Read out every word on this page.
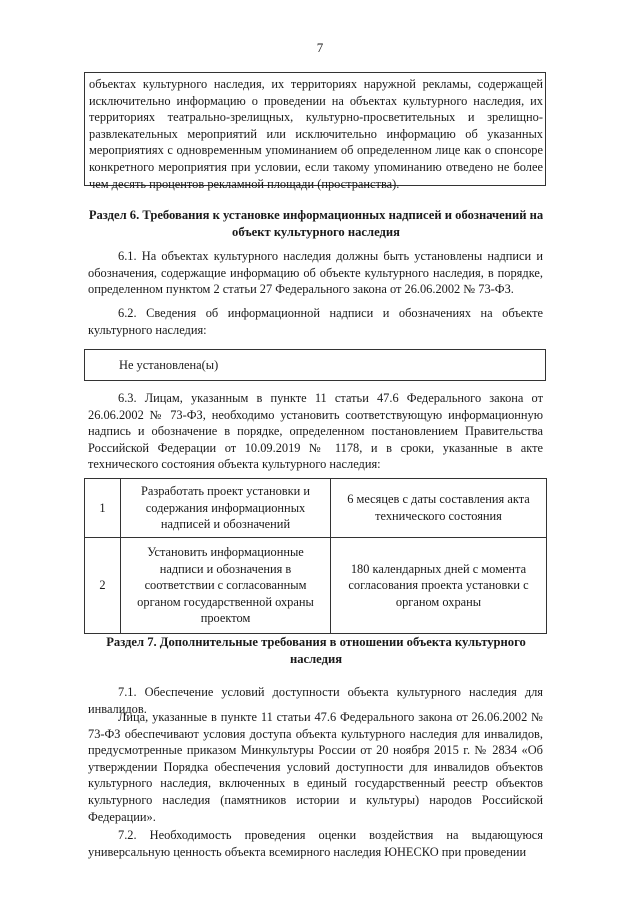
7
объектах культурного наследия, их территориях наружной рекламы, содержащей исключительно информацию о проведении на объектах культурного наследия, их территориях театрально-зрелищных, культурно-просветительных и зрелищно-развлекательных мероприятий или исключительно информацию об указанных мероприятиях с одновременным упоминанием об определенном лице как о спонсоре конкретного мероприятия при условии, если такому упоминанию отведено не более чем десять процентов рекламной площади (пространства).
Раздел 6. Требования к установке информационных надписей и обозначений на объект культурного наследия
6.1. На объектах культурного наследия должны быть установлены надписи и обозначения, содержащие информацию об объекте культурного наследия, в порядке, определенном пунктом 2 статьи 27 Федерального закона от 26.06.2002 № 73-ФЗ.
6.2. Сведения об информационной надписи и обозначениях на объекте культурного наследия:
Не установлена(ы)
6.3. Лицам, указанным в пункте 11 статьи 47.6 Федерального закона от 26.06.2002 № 73-ФЗ, необходимо установить соответствующую информационную надпись и обозначение в порядке, определенном постановлением Правительства Российской Федерации от 10.09.2019 № 1178, и в сроки, указанные в акте технического состояния объекта культурного наследия:
1	Разработать проект установки и содержания информационных надписей и обозначений	6 месяцев с даты составления акта технического состояния
2	Установить информационные надписи и обозначения в соответствии с согласованным органом государственной охраны проектом	180 календарных дней с момента согласования проекта установки с органом охраны
Раздел 7. Дополнительные требования в отношении объекта культурного наследия
7.1. Обеспечение условий доступности объекта культурного наследия для инвалидов.
Лица, указанные в пункте 11 статьи 47.6 Федерального закона от 26.06.2002 № 73-ФЗ обеспечивают условия доступа объекта культурного наследия для инвалидов, предусмотренные приказом Минкультуры России от 20 ноября 2015 г. № 2834 «Об утверждении Порядка обеспечения условий доступности для инвалидов объектов культурного наследия, включенных в единый государственный реестр объектов культурного наследия (памятников истории и культуры) народов Российской Федерации».
7.2. Необходимость проведения оценки воздействия на выдающуюся универсальную ценность объекта всемирного наследия ЮНЕСКО при проведении
